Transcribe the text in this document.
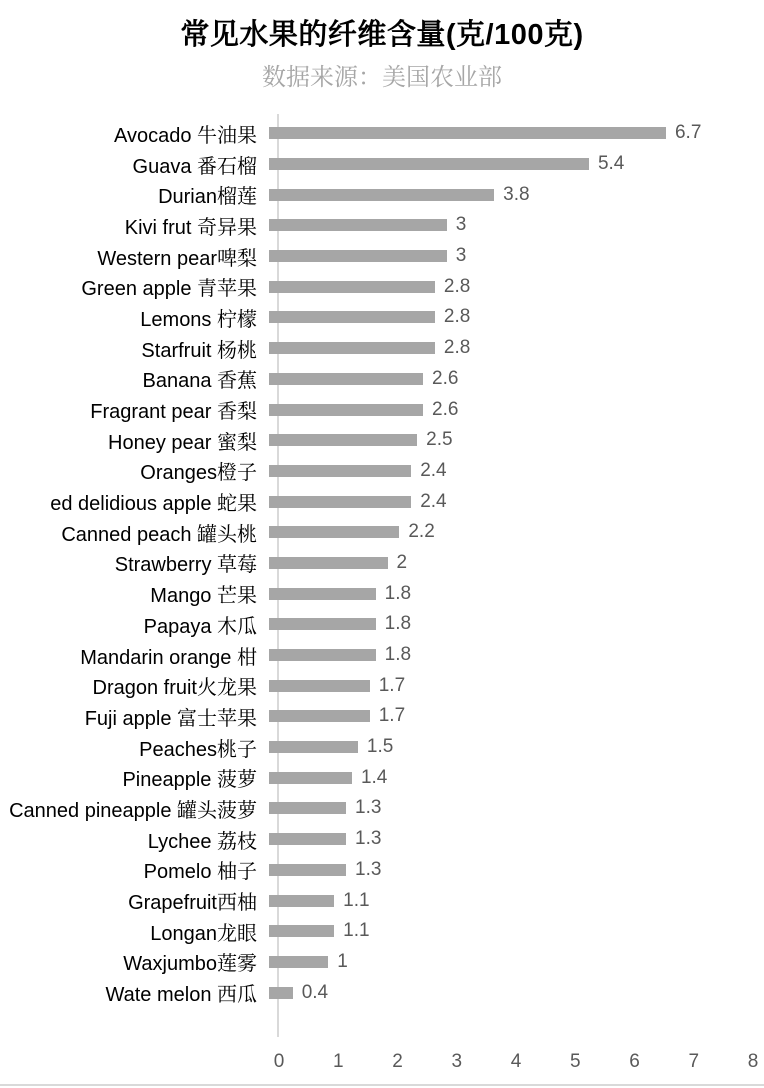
常见水果的纤维含量(克/100克)
数据来源：美国农业部
Avocado 牛油果	6.7
Guava 番石榴	5.4
Durian榴莲	3.8
Kivi frut 奇异果	3
Western pear啤梨	3
Green apple 青苹果	2.8
Lemons 柠檬	2.8
Starfruit 杨桃	2.8
Banana 香蕉	2.6
Fragrant pear 香梨	2.6
Honey pear 蜜梨	2.5
Oranges橙子	2.4
ed delidious apple 蛇果	2.4
Canned peach 罐头桃	2.2
Strawberry 草莓	2
Mango 芒果	1.8
Papaya 木瓜	1.8
Mandarin orange 柑	1.8
Dragon fruit火龙果	1.7
Fuji apple 富士苹果	1.7
Peaches桃子	1.5
Pineapple 菠萝	1.4
Canned pineapple 罐头菠萝	1.3
Lychee 荔枝	1.3
Pomelo 柚子	1.3
Grapefruit西柚	1.1
Longan龙眼	1.1
Waxjumbo莲雾	1
Wate melon 西瓜	0.4
0	1	2	3	4	5	6	7	8
